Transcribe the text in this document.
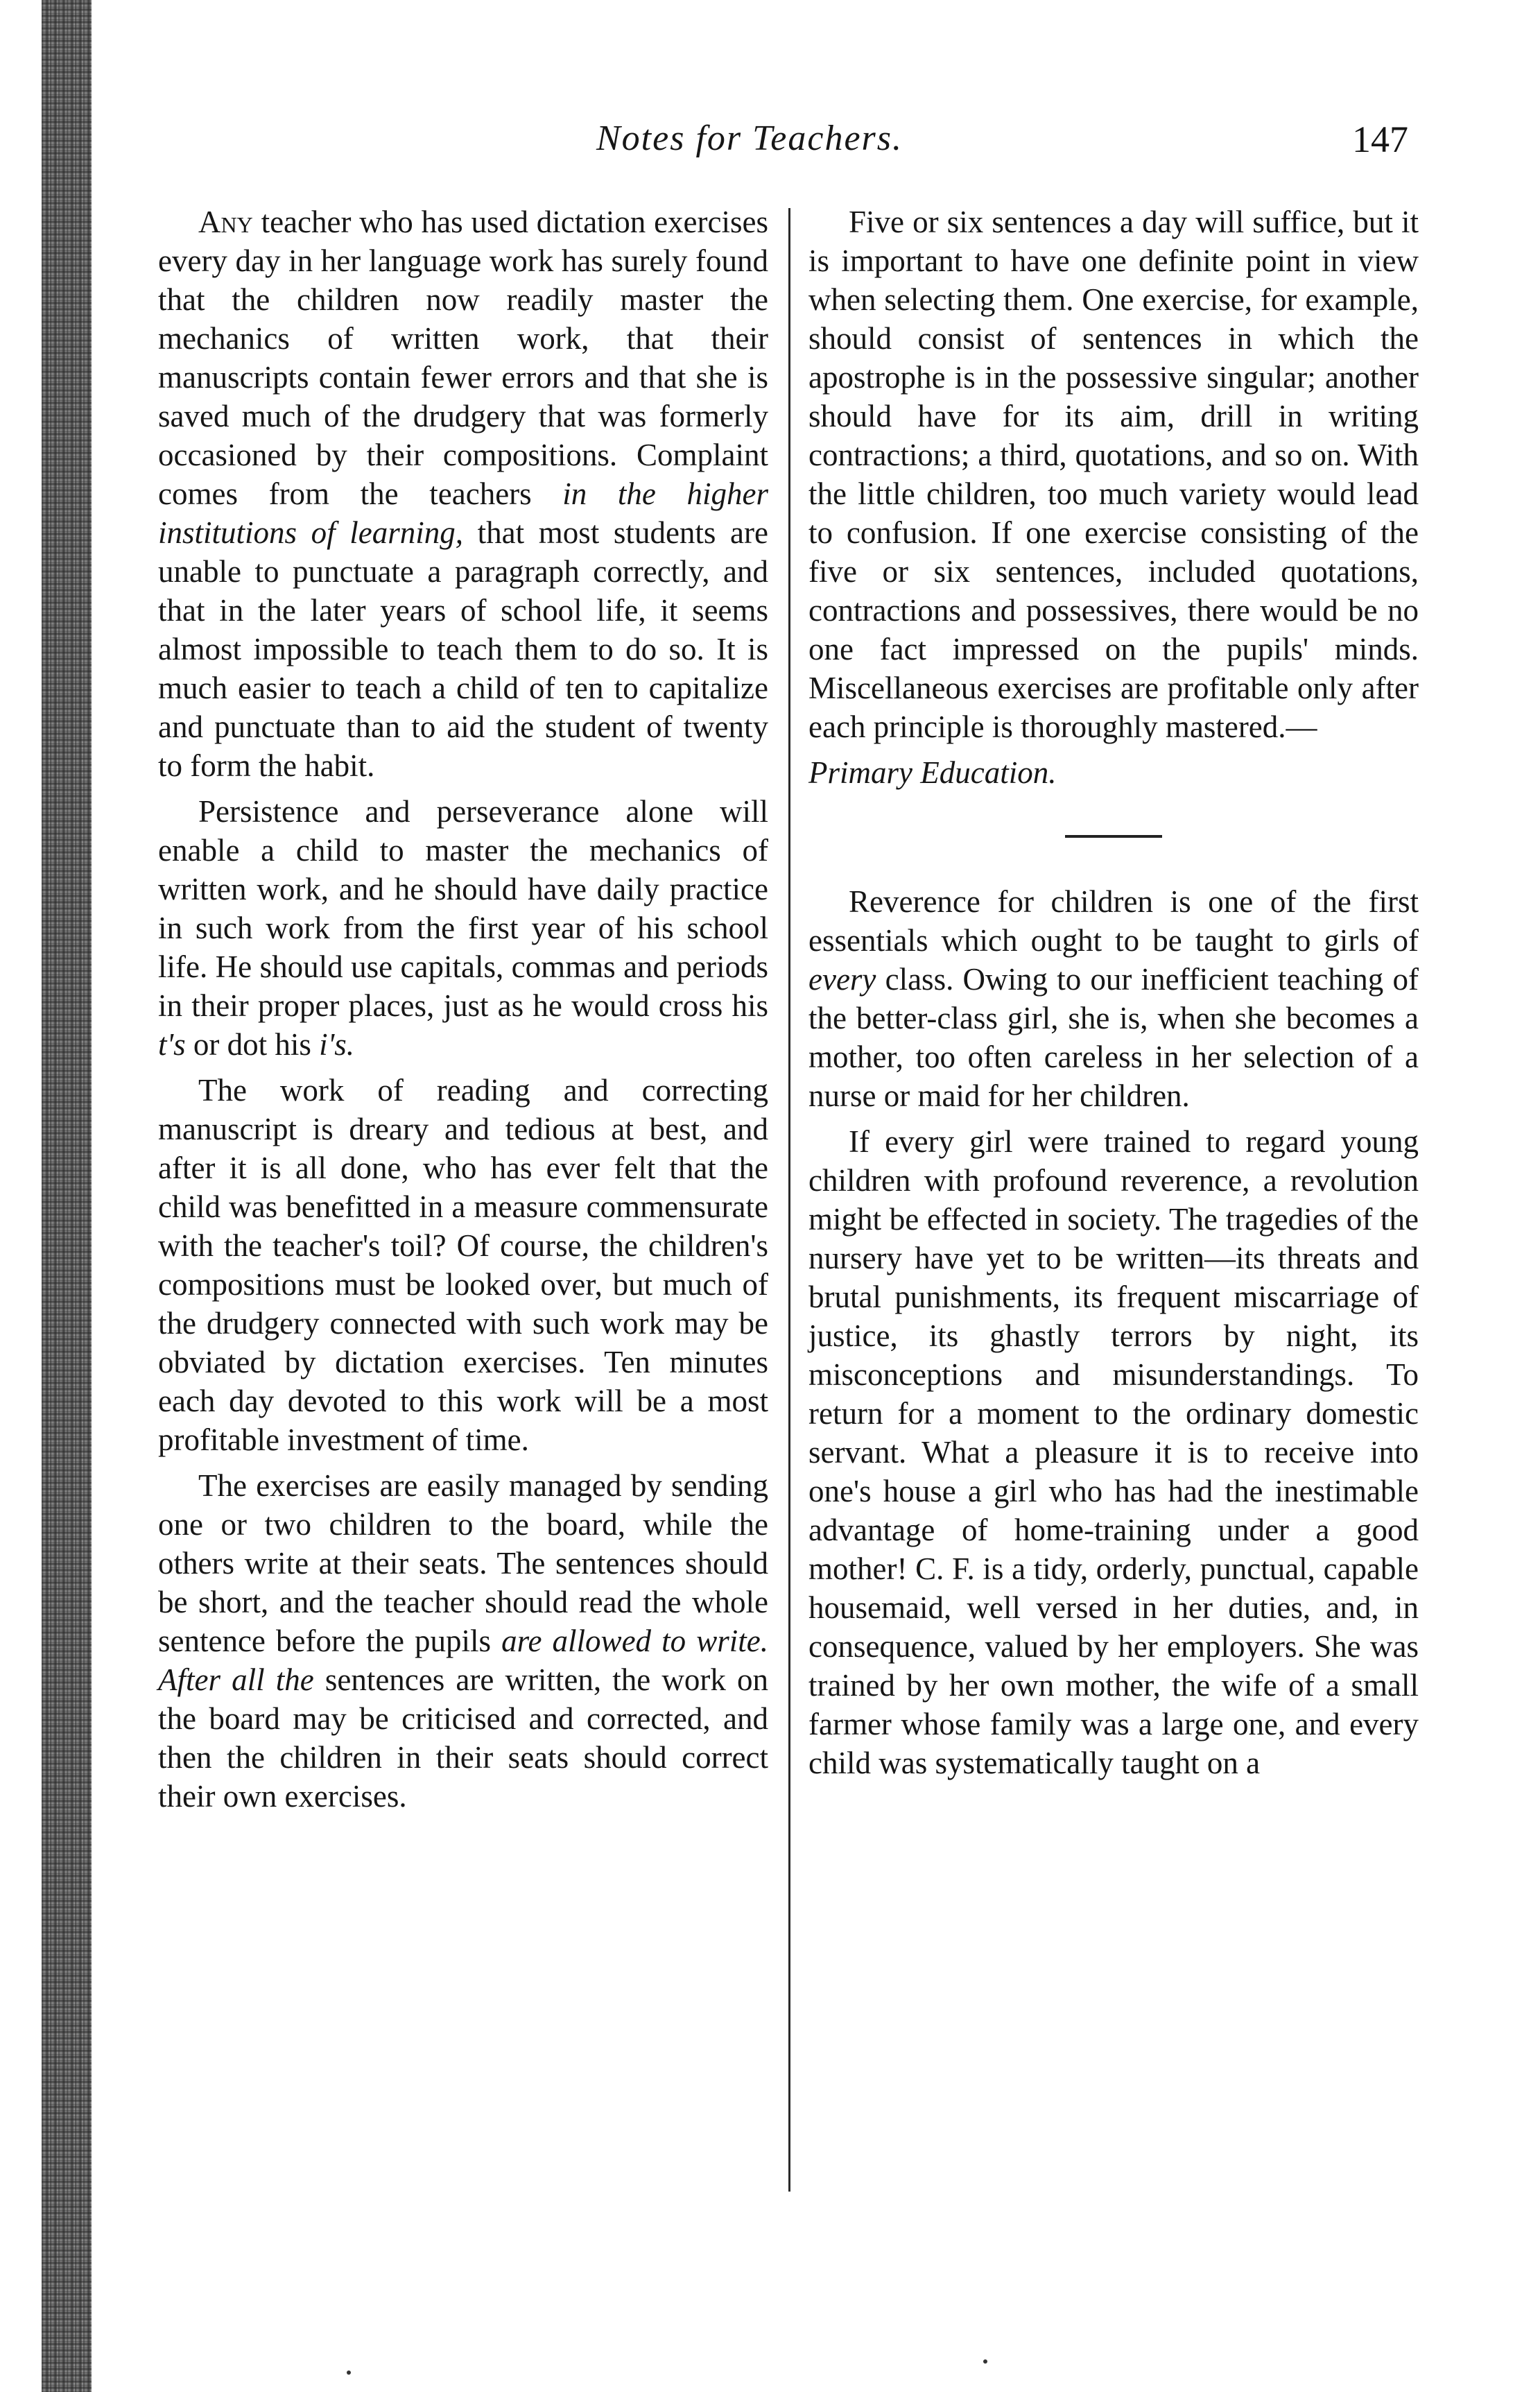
Notes for Teachers.	147

Any teacher who has used dictation exercises every day in her language work has surely found that the children now readily master the mechanics of written work, that their manuscripts contain fewer errors and that she is saved much of the drudgery that was formerly occasioned by their compositions. Complaint comes from the teachers in the higher institutions of learning, that most students are unable to punctuate a paragraph correctly, and that in the later years of school life, it seems almost impossible to teach them to do so. It is much easier to teach a child of ten to capitalize and punctuate than to aid the student of twenty to form the habit.

Persistence and perseverance alone will enable a child to master the mechanics of written work, and he should have daily practice in such work from the first year of his school life. He should use capitals, commas and periods in their proper places, just as he would cross his t's or dot his i's.

The work of reading and correcting manuscript is dreary and tedious at best, and after it is all done, who has ever felt that the child was benefitted in a measure commensurate with the teacher's toil? Of course, the children's compositions must be looked over, but much of the drudgery connected with such work may be obviated by dictation exercises. Ten minutes each day devoted to this work will be a most profitable investment of time.

The exercises are easily managed by sending one or two children to the board, while the others write at their seats. The sentences should be short, and the teacher should read the whole sentence before the pupils are allowed to write. After all the sentences are written, the work on the board may be criticised and corrected, and then the children in their seats should correct their own exercises.

Five or six sentences a day will suffice, but it is important to have one definite point in view when selecting them. One exercise, for example, should consist of sentences in which the apostrophe is in the possessive singular; another should have for its aim, drill in writing contractions; a third, quotations, and so on. With the little children, too much variety would lead to confusion. If one exercise consisting of the five or six sentences, included quotations, contractions and possessives, there would be no one fact impressed on the pupils' minds. Miscellaneous exercises are profitable only after each principle is thoroughly mastered.—

Primary Education.

Reverence for children is one of the first essentials which ought to be taught to girls of every class. Owing to our inefficient teaching of the better-class girl, she is, when she becomes a mother, too often careless in her selection of a nurse or maid for her children.

If every girl were trained to regard young children with profound reverence, a revolution might be effected in society. The tragedies of the nursery have yet to be written—its threats and brutal punishments, its frequent miscarriage of justice, its ghastly terrors by night, its misconceptions and misunderstandings. To return for a moment to the ordinary domestic servant. What a pleasure it is to receive into one's house a girl who has had the inestimable advantage of home-training under a good mother! C. F. is a tidy, orderly, punctual, capable housemaid, well versed in her duties, and, in consequence, valued by her employers. She was trained by her own mother, the wife of a small farmer whose family was a large one, and every child was systematically taught on a
